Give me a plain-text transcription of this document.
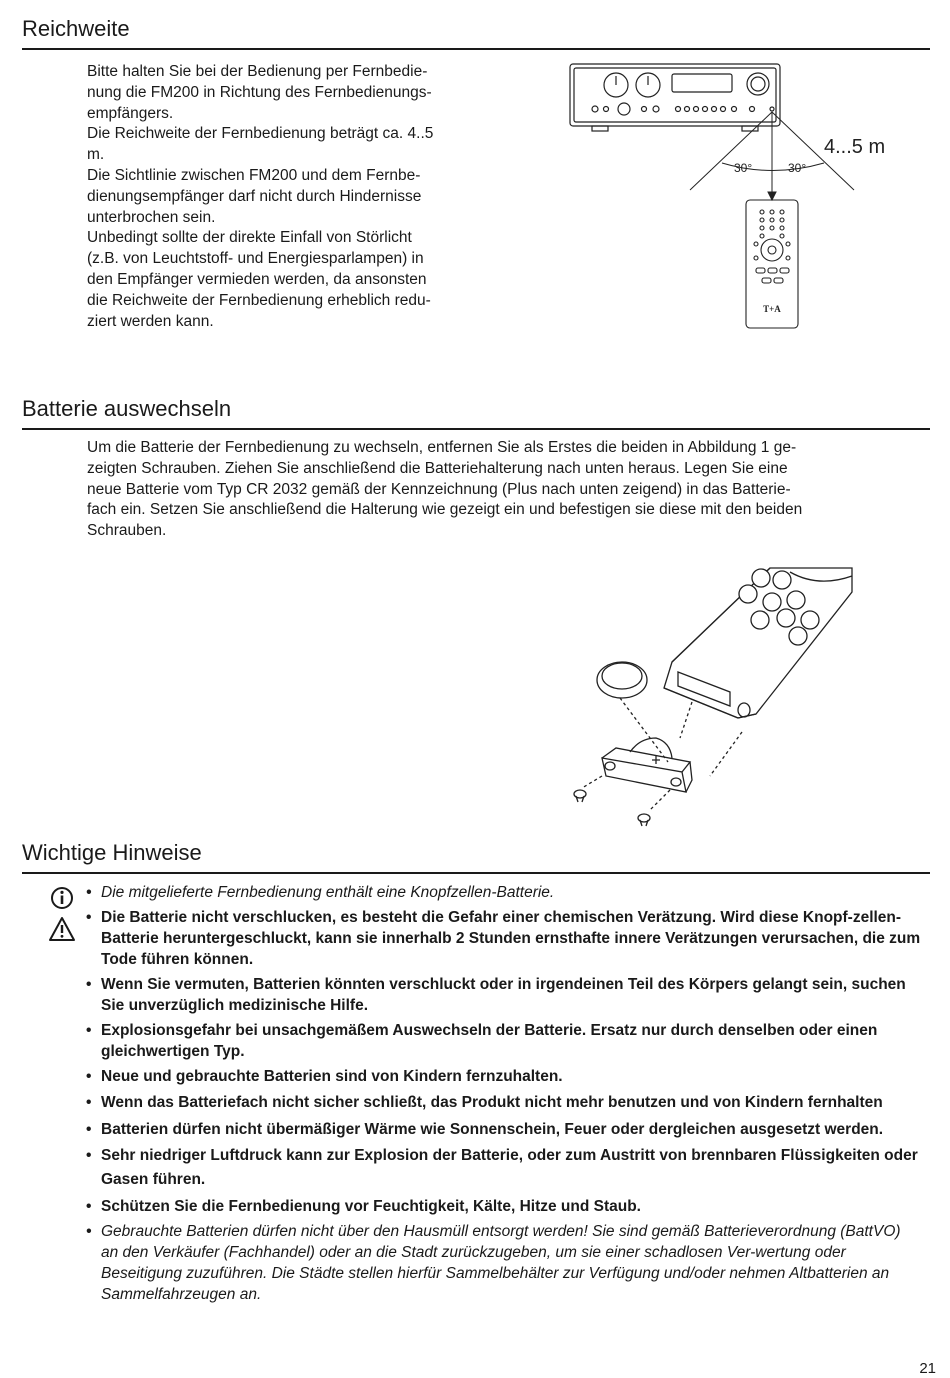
Reichweite
Bitte halten Sie bei der Bedienung per Fernbedie-
nung die FM200 in Richtung des Fernbedienungs-
empfängers.
Die Reichweite der Fernbedienung beträgt ca. 4..5
m.
Die Sichtlinie zwischen FM200 und dem Fernbe-
dienungsempfänger darf nicht durch Hindernisse
unterbrochen sein.
Unbedingt sollte der direkte Einfall von Störlicht
(z.B. von Leuchtstoff- und Energiesparlampen) in
den Empfänger vermieden werden, da ansonsten
die Reichweite der Fernbedienung erheblich redu-
ziert werden kann.
30°	30°
4...5 m
T+A
Batterie auswechseln
Um die Batterie der Fernbedienung zu wechseln, entfernen Sie als Erstes die beiden in Abbildung 1 ge-
zeigten Schrauben. Ziehen Sie anschließend die Batteriehalterung nach unten heraus. Legen Sie eine
neue Batterie vom Typ CR 2032 gemäß der Kennzeichnung (Plus nach unten zeigend) in das Batterie-
fach ein. Setzen Sie anschließend die Halterung wie gezeigt ein und befestigen sie diese mit den beiden
Schrauben.
Wichtige Hinweise
• Die mitgelieferte Fernbedienung enthält eine Knopfzellen-Batterie.
• Die Batterie nicht verschlucken, es besteht die Gefahr einer chemischen Verätzung. Wird diese Knopf-zellen-Batterie heruntergeschluckt, kann sie innerhalb 2 Stunden ernsthafte innere Verätzungen verursachen, die zum Tode führen können.
• Wenn Sie vermuten, Batterien könnten verschluckt oder in irgendeinen Teil des Körpers gelangt sein, suchen Sie unverzüglich medizinische Hilfe.
• Explosionsgefahr bei unsachgemäßem Auswechseln der Batterie. Ersatz nur durch denselben oder einen gleichwertigen Typ.
• Neue und gebrauchte Batterien sind von Kindern fernzuhalten.
• Wenn das Batteriefach nicht sicher schließt, das Produkt nicht mehr benutzen und von Kindern fernhalten
• Batterien dürfen nicht übermäßiger Wärme wie Sonnenschein, Feuer oder dergleichen ausgesetzt werden.
• Sehr niedriger Luftdruck kann zur Explosion der Batterie, oder zum Austritt von brennbaren Flüssigkeiten oder Gasen führen.
• Schützen Sie die Fernbedienung vor Feuchtigkeit, Kälte, Hitze und Staub.
• Gebrauchte Batterien dürfen nicht über den Hausmüll entsorgt werden! Sie sind gemäß Batterieverordnung (BattVO) an den Verkäufer (Fachhandel) oder an die Stadt zurückzugeben, um sie einer schadlosen Ver-wertung oder Beseitigung zuzuführen. Die Städte stellen hierfür Sammelbehälter zur Verfügung und/oder nehmen Altbatterien an Sammelfahrzeugen an.
21
